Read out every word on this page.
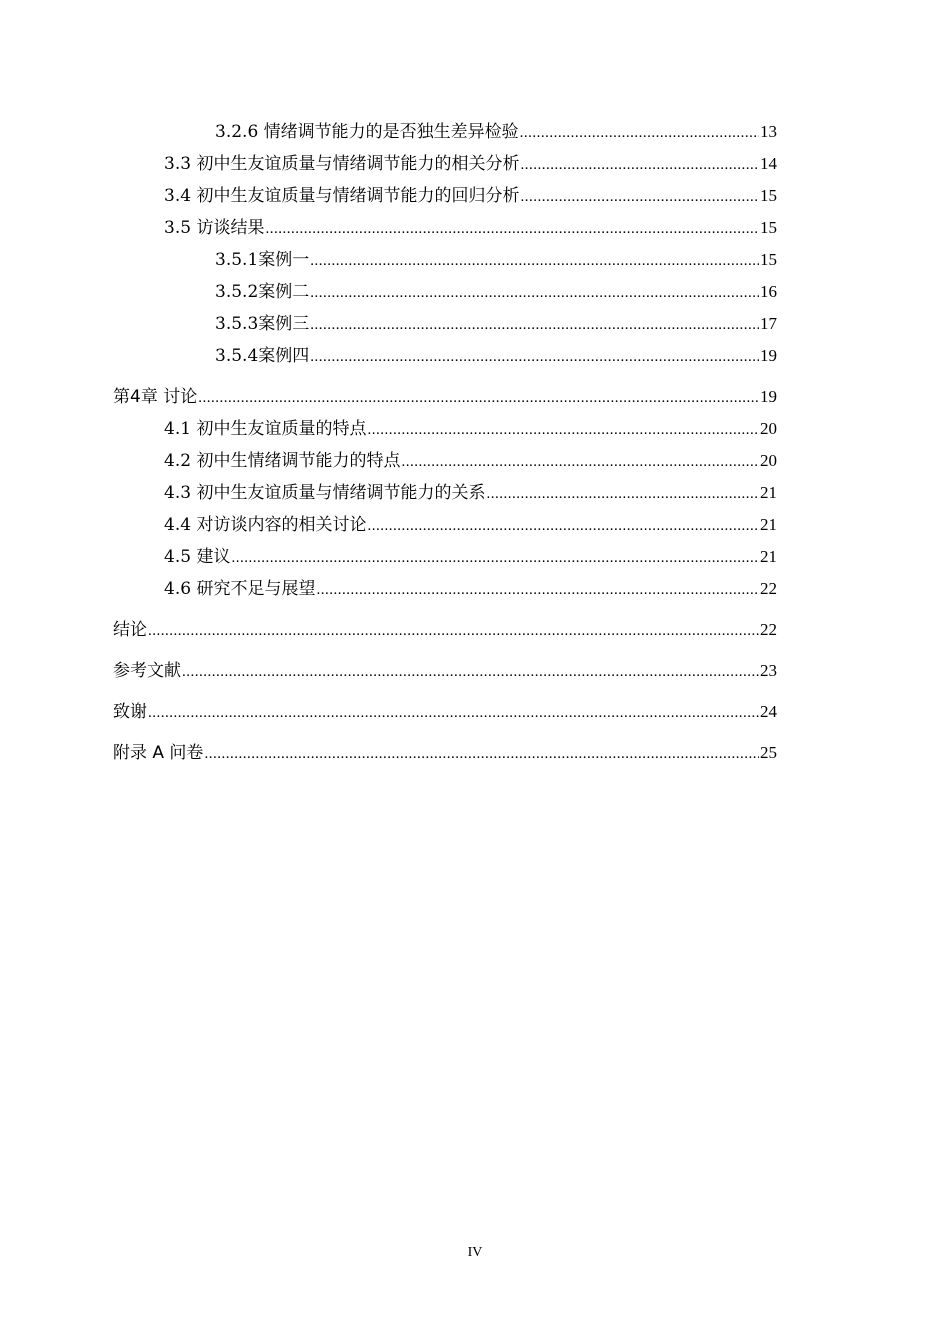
3.2.6 情绪调节能力的是否独生差异检验 .....	13
3.3 初中生友谊质量与情绪调节能力的相关分析 .....	14
3.4 初中生友谊质量与情绪调节能力的回归分析 .....	15
3.5 访谈结果 .....	15
3.5.1案例一 .....	15
3.5.2案例二 .....	16
3.5.3案例三 .....	17
3.5.4案例四 .....	19
第4章 讨论 .....	19
4.1 初中生友谊质量的特点 .....	20
4.2 初中生情绪调节能力的特点 .....	20
4.3 初中生友谊质量与情绪调节能力的关系 .....	21
4.4 对访谈内容的相关讨论 .....	21
4.5 建议 .....	21
4.6 研究不足与展望 .....	22
结论 .....	22
参考文献 .....	23
致谢 .....	24
附录 A 问卷 .....	25
IV
